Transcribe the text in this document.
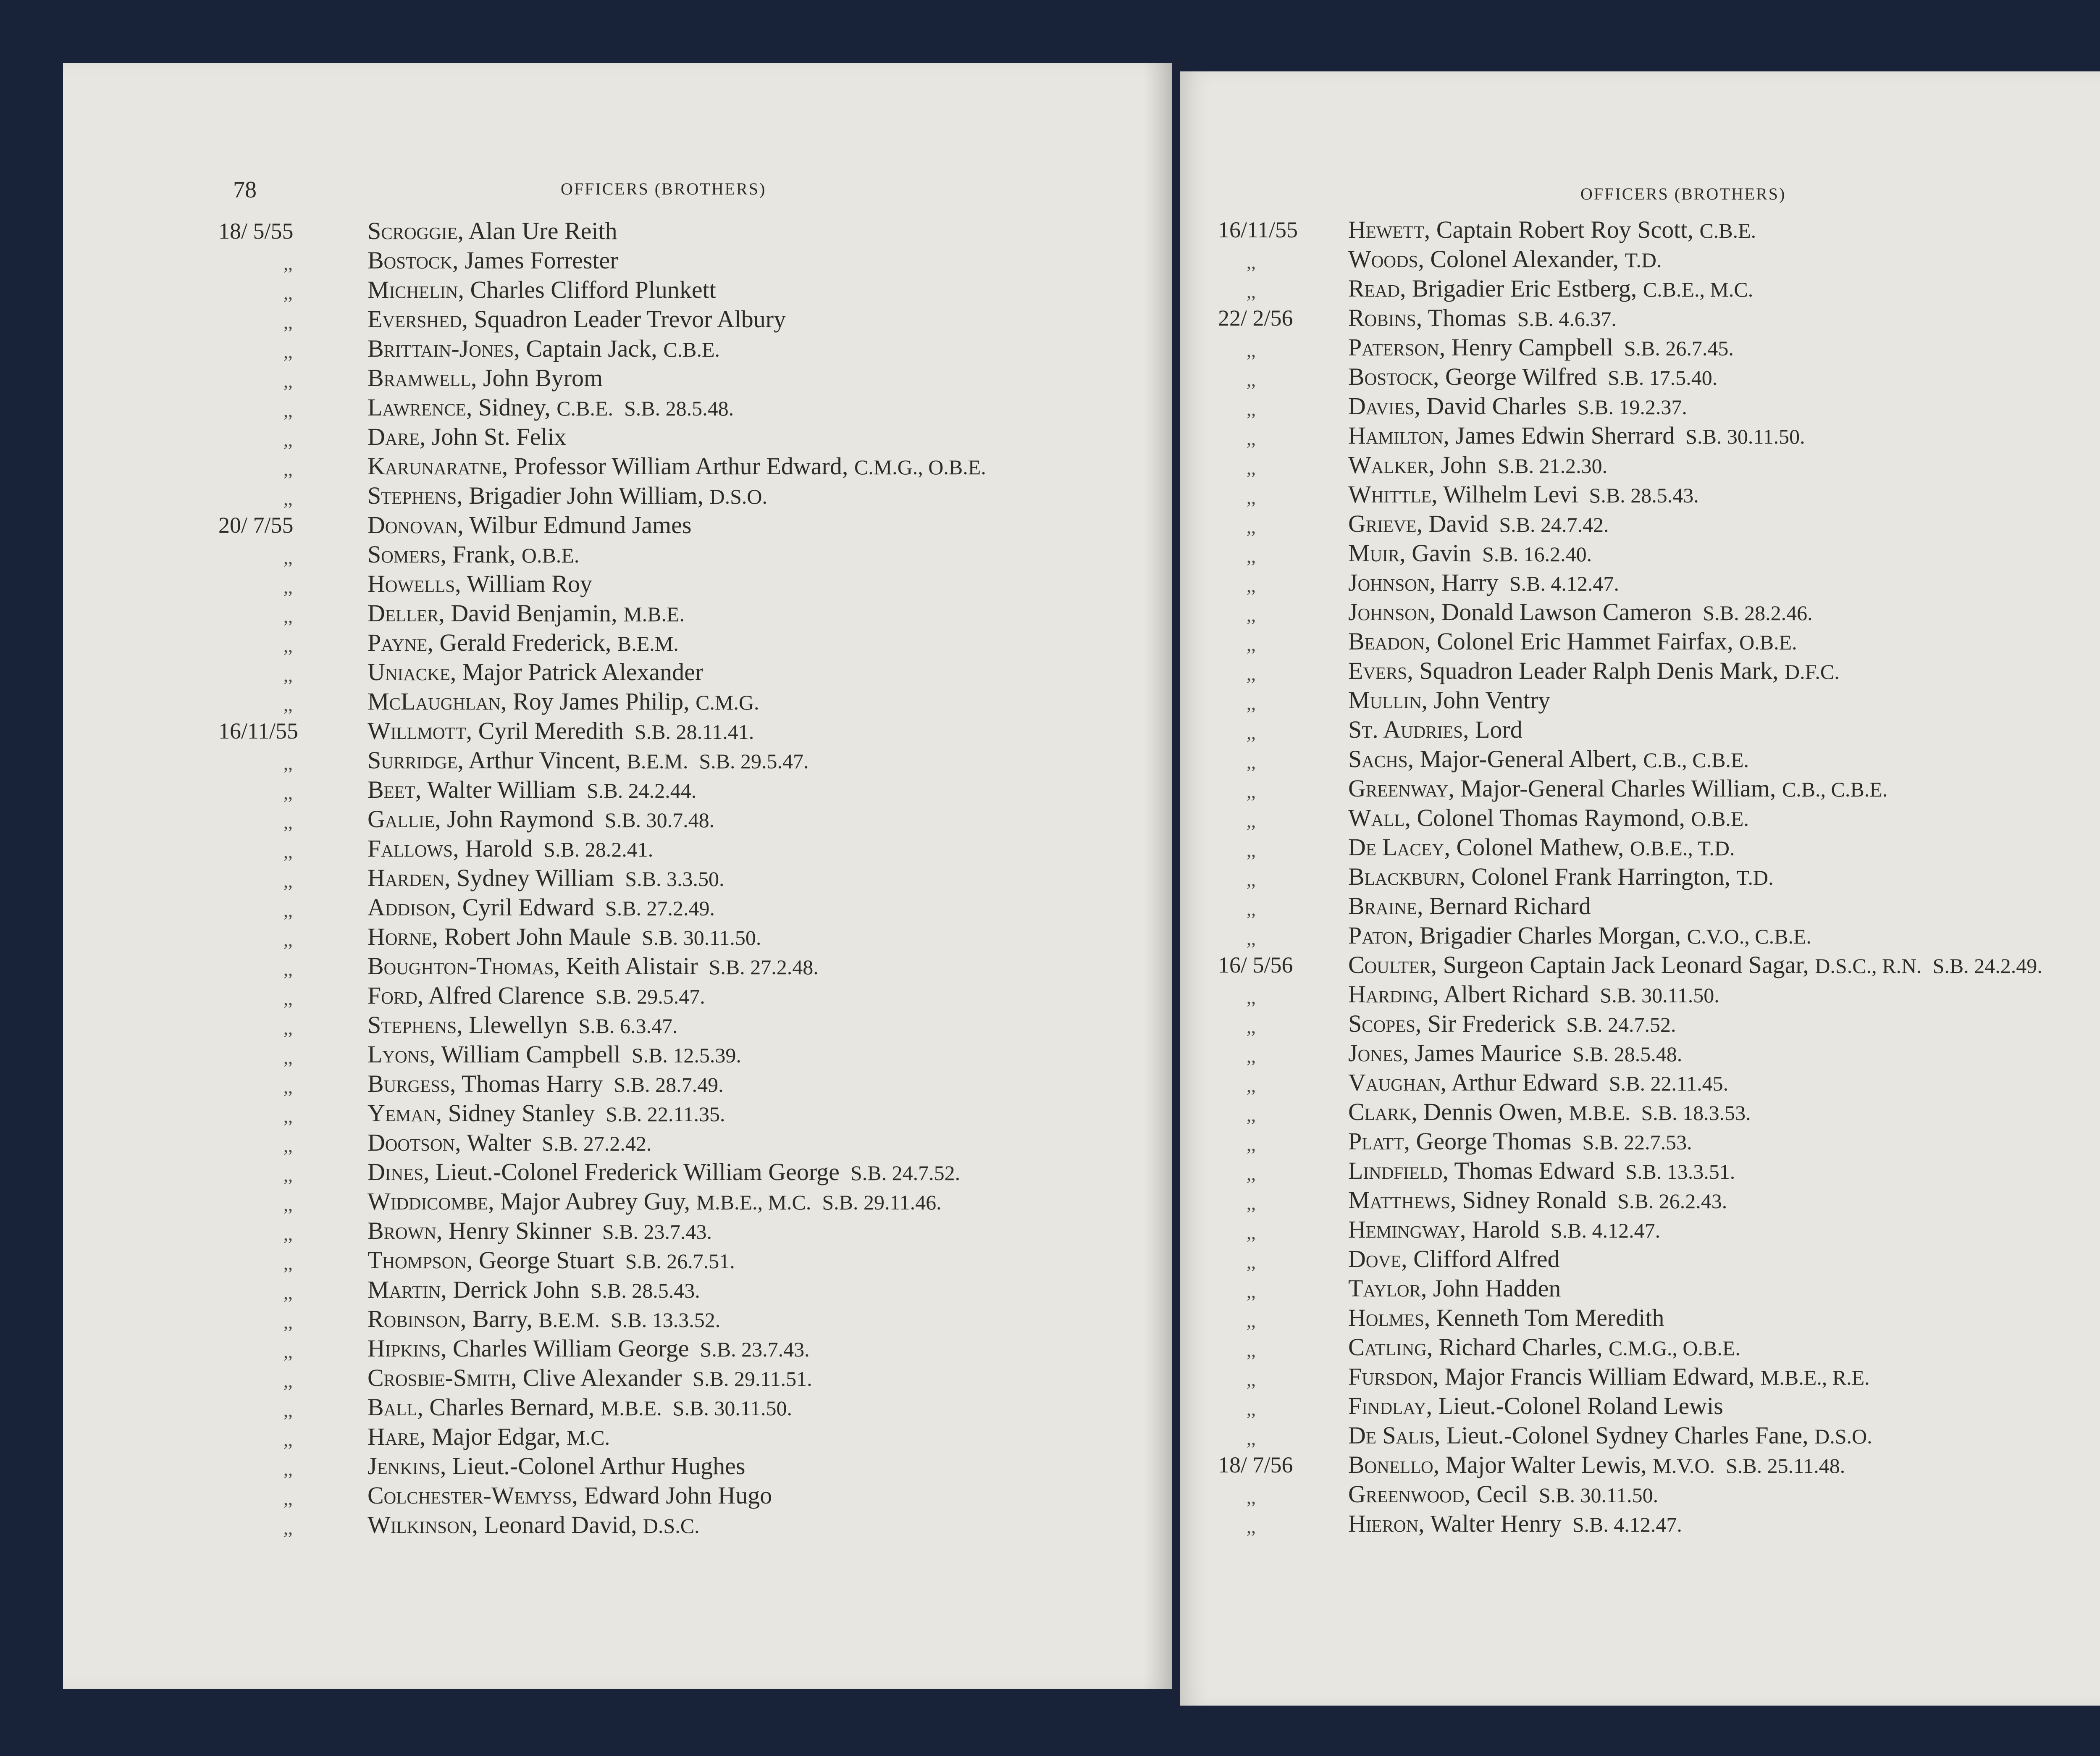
78	OFFICERS (BROTHERS)	OFFICERS (BROTHERS)
18/ 5/55	Scroggie, Alan Ure Reith
,,	Bostock, James Forrester
,,	Michelin, Charles Clifford Plunkett
,,	Evershed, Squadron Leader Trevor Albury
,,	Brittain-Jones, Captain Jack, C.B.E.
,,	Bramwell, John Byrom
,,	Lawrence, Sidney, C.B.E. S.B. 28.5.48.
,,	Dare, John St. Felix
,,	Karunaratne, Professor William Arthur Edward, C.M.G., O.B.E.
,,	Stephens, Brigadier John William, D.S.O.
20/ 7/55	Donovan, Wilbur Edmund James
,,	Somers, Frank, O.B.E.
,,	Howells, William Roy
,,	Deller, David Benjamin, M.B.E.
,,	Payne, Gerald Frederick, B.E.M.
,,	Uniacke, Major Patrick Alexander
,,	McLaughlan, Roy James Philip, C.M.G.
16/11/55	Willmott, Cyril Meredith S.B. 28.11.41.
,,	Surridge, Arthur Vincent, B.E.M. S.B. 29.5.47.
,,	Beet, Walter William S.B. 24.2.44.
,,	Gallie, John Raymond S.B. 30.7.48.
,,	Fallows, Harold S.B. 28.2.41.
,,	Harden, Sydney William S.B. 3.3.50.
,,	Addison, Cyril Edward S.B. 27.2.49.
,,	Horne, Robert John Maule S.B. 30.11.50.
,,	Boughton-Thomas, Keith Alistair S.B. 27.2.48.
,,	Ford, Alfred Clarence S.B. 29.5.47.
,,	Stephens, Llewellyn S.B. 6.3.47.
,,	Lyons, William Campbell S.B. 12.5.39.
,,	Burgess, Thomas Harry S.B. 28.7.49.
,,	Yeman, Sidney Stanley S.B. 22.11.35.
,,	Dootson, Walter S.B. 27.2.42.
,,	Dines, Lieut.-Colonel Frederick William George S.B. 24.7.52.
,,	Widdicombe, Major Aubrey Guy, M.B.E., M.C. S.B. 29.11.46.
,,	Brown, Henry Skinner S.B. 23.7.43.
,,	Thompson, George Stuart S.B. 26.7.51.
,,	Martin, Derrick John S.B. 28.5.43.
,,	Robinson, Barry, B.E.M. S.B. 13.3.52.
,,	Hipkins, Charles William George S.B. 23.7.43.
,,	Crosbie-Smith, Clive Alexander S.B. 29.11.51.
,,	Ball, Charles Bernard, M.B.E. S.B. 30.11.50.
,,	Hare, Major Edgar, M.C.
,,	Jenkins, Lieut.-Colonel Arthur Hughes
,,	Colchester-Wemyss, Edward John Hugo
,,	Wilkinson, Leonard David, D.S.C.
16/11/55 Hewett, Captain Robert Roy Scott, C.B.E.
,,	Woods, Colonel Alexander, T.D.
,,	Read, Brigadier Eric Estberg, C.B.E., M.C.
22/ 2/56 Robins, Thomas S.B. 4.6.37.
,,	Paterson, Henry Campbell S.B. 26.7.45.
,,	Bostock, George Wilfred S.B. 17.5.40.
,,	Davies, David Charles S.B. 19.2.37.
,,	Hamilton, James Edwin Sherrard S.B. 30.11.50.
,,	Walker, John S.B. 21.2.30.
,,	Whittle, Wilhelm Levi S.B. 28.5.43.
,,	Grieve, David S.B. 24.7.42.
,,	Muir, Gavin S.B. 16.2.40.
,,	Johnson, Harry S.B. 4.12.47.
,,	Johnson, Donald Lawson Cameron S.B. 28.2.46.
,,	Beadon, Colonel Eric Hammet Fairfax, O.B.E.
,,	Evers, Squadron Leader Ralph Denis Mark, D.F.C.
,,	Mullin, John Ventry
,,	St. Audries, Lord
,,	Sachs, Major-General Albert, C.B., C.B.E.
,,	Greenway, Major-General Charles William, C.B., C.B.E.
,,	Wall, Colonel Thomas Raymond, O.B.E.
,,	De Lacey, Colonel Mathew, O.B.E., T.D.
,,	Blackburn, Colonel Frank Harrington, T.D.
,,	Braine, Bernard Richard
,,	Paton, Brigadier Charles Morgan, C.V.O., C.B.E.
16/ 5/56 Coulter, Surgeon Captain Jack Leonard Sagar, D.S.C., R.N. S.B. 24.2.49.
,,	Harding, Albert Richard S.B. 30.11.50.
,,	Scopes, Sir Frederick S.B. 24.7.52.
,,	Jones, James Maurice S.B. 28.5.48.
,,	Vaughan, Arthur Edward S.B. 22.11.45.
,,	Clark, Dennis Owen, M.B.E. S.B. 18.3.53.
,,	Platt, George Thomas S.B. 22.7.53.
,,	Lindfield, Thomas Edward S.B. 13.3.51.
,,	Matthews, Sidney Ronald S.B. 26.2.43.
,,	Hemingway, Harold S.B. 4.12.47.
,,	Dove, Clifford Alfred
,,	Taylor, John Hadden
,,	Holmes, Kenneth Tom Meredith
,,	Catling, Richard Charles, C.M.G., O.B.E.
,,	Fursdon, Major Francis William Edward, M.B.E., R.E.
,,	Findlay, Lieut.-Colonel Roland Lewis
,,	De Salis, Lieut.-Colonel Sydney Charles Fane, D.S.O.
18/ 7/56 Bonello, Major Walter Lewis, M.V.O. S.B. 25.11.48.
,,	Greenwood, Cecil S.B. 30.11.50.
,,	Hieron, Walter Henry S.B. 4.12.47.
